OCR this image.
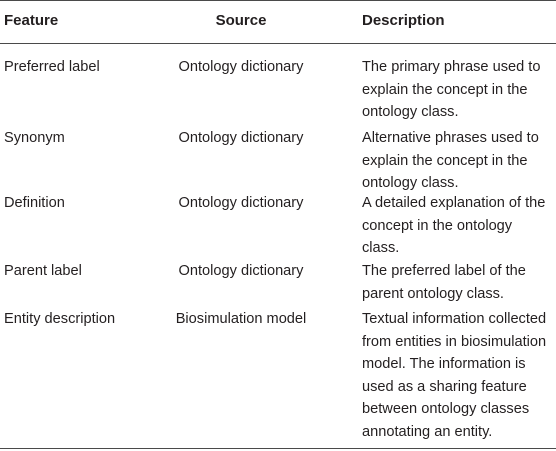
Feature	Source	Description
Preferred label	Ontology dictionary	The primary phrase used to
explain the concept in the
ontology class.
Synonym	Ontology dictionary	Alternative phrases used to
explain the concept in the
ontology class.
Definition	Ontology dictionary	A detailed explanation of the
concept in the ontology
class.
Parent label	Ontology dictionary	The preferred label of the
parent ontology class.
Entity description	Biosimulation model	Textual information collected
from entities in biosimulation
model. The information is
used as a sharing feature
between ontology classes
annotating an entity.
